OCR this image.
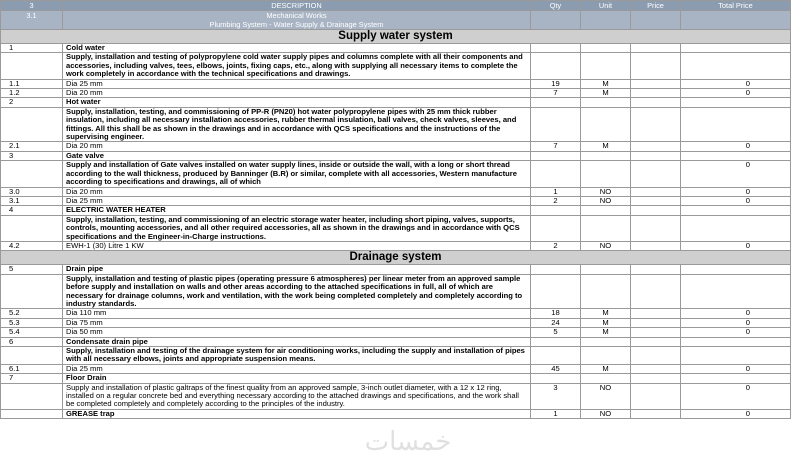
3	DESCRIPTION	Qty	Unit	Price	Total Price
3.1	Mechanical Works
Plumbing System - Water Supply & Drainage System				

Supply water system					
1	Cold water				
	Supply, installation and testing of polypropylene cold water supply pipes and columns complete with all their components and accessories, including valves, tees, elbows, joints, fixing caps, etc., along with supplying all necessary items to complete the work completely in accordance with the technical specifications and drawings.				
1.1	Dia 25 mm	19	M		0
1.2	Dia 20 mm	7	M		0
2	Hot water				
	Supply, installation, testing, and commissioning of PP-R (PN20) hot water polypropylene pipes with 25 mm thick rubber insulation, including all necessary installation accessories, rubber thermal insulation, ball valves, check valves, sleeves, and fittings. All this shall be as shown in the drawings and in accordance with QCS specifications and the instructions of the supervising engineer.				
2.1	Dia 20 mm	7	M		0
3	Gate valve				
	Supply and installation of Gate valves installed on water supply lines, inside or outside the wall, with a long or short thread according to the wall thickness, produced by Banninger (B.R) or similar, complete with all accessories, Western manufacture according to specifications and drawings, all of which				0
3.0	Dia 20 mm	1	NO		0
3.1	Dia 25 mm	2	NO		0
4	ELECTRIC WATER HEATER				
	Supply, installation, testing, and commissioning of an electric storage water heater, including short piping, valves, supports, controls, mounting accessories, and all other required accessories, all as shown in the drawings and in accordance with QCS specifications and the Engineer-in-Charge instructions.				
4.2	EWH-1 (30) Litre 1 KW	2	NO		0
Drainage system					
5	Drain pipe				
	Supply, installation and testing of plastic pipes (operating pressure 6 atmospheres) per linear meter from an approved sample before supply and installation on walls and other areas according to the attached specifications in full, all of which are necessary for drainage columns, work and ventilation, with the work being completed completely and completely according to industry standards.				
5.2	Dia 110 mm	18	M		0
5.3	Dia 75 mm	24	M		0
5.4	Dia 50 mm	5	M		0
6	Condensate drain pipe				
	Supply, installation and testing of the drainage system for air conditioning works, including the supply and installation of pipes with all necessary elbows, joints and appropriate suspension means.				
6.1	Dia 25 mm	45	M		0
7	Floor Drain				
	Supply and installation of plastic galtraps of the finest quality from an approved sample, 3-inch outlet diameter, with a 12 x 12 ring, installed on a regular concrete bed and everything necessary according to the attached drawings and specifications, and the work shall be completed completely and completely according to the principles of the industry.	3	NO		0
	GREASE trap	1	NO		0
خمسات
